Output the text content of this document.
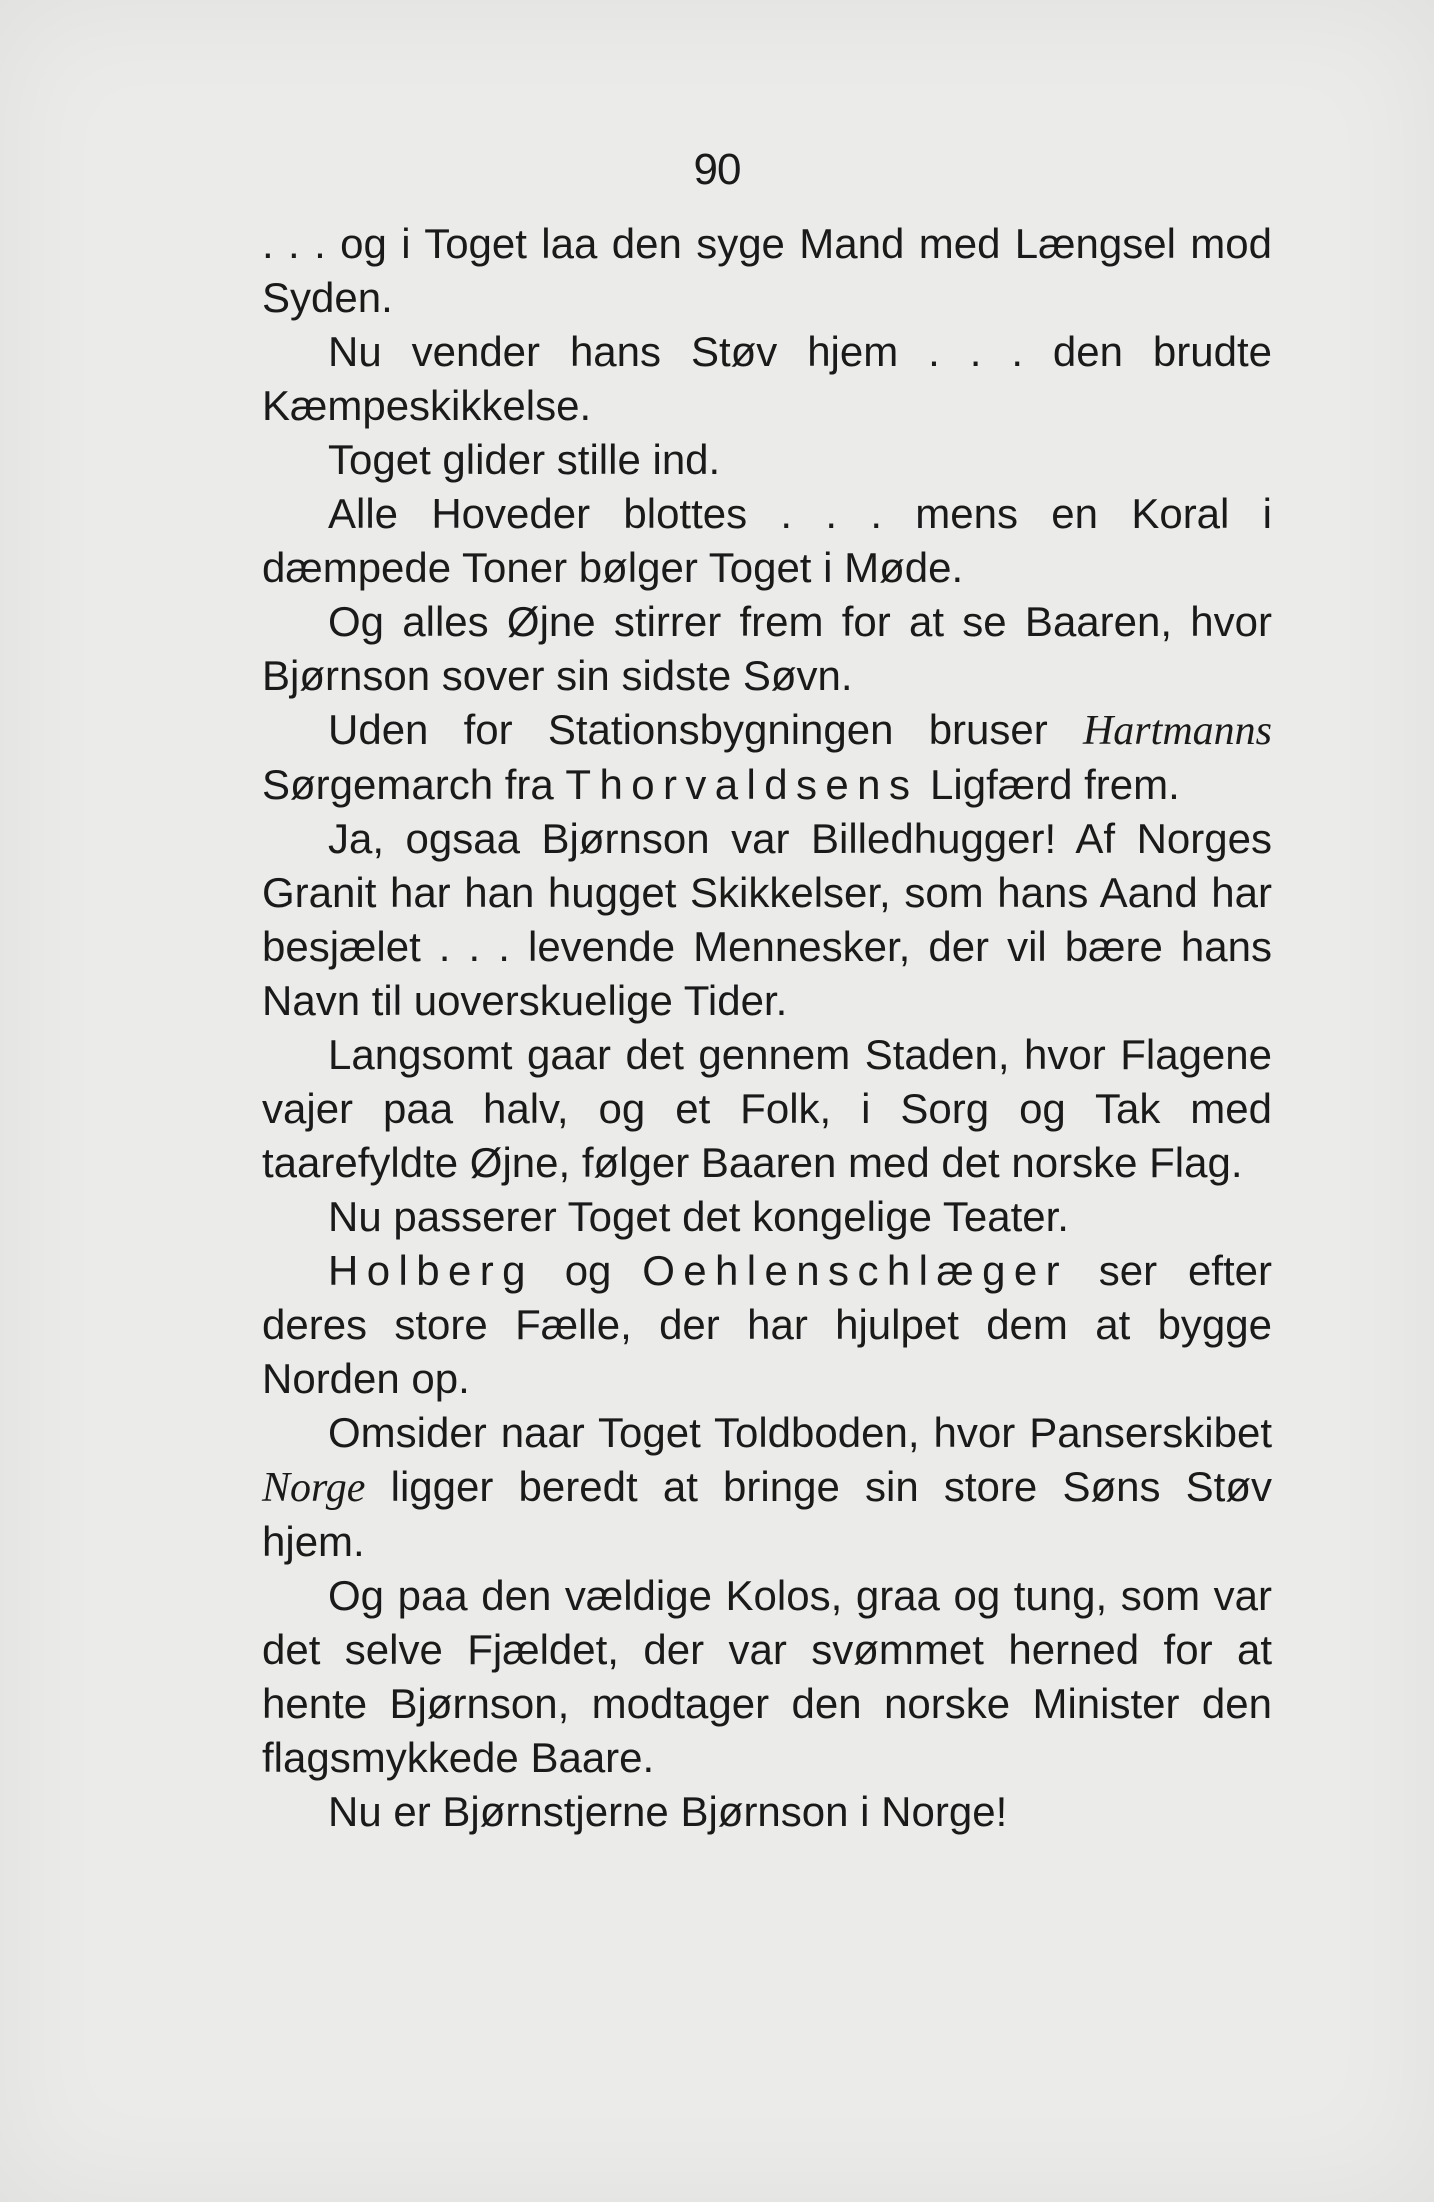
90

. . . og i Toget laa den syge Mand med Længsel mod Syden.

Nu vender hans Støv hjem . . . den brudte Kæmpeskikkelse.

Toget glider stille ind.

Alle Hoveder blottes . . . mens en Koral i dæmpede Toner bølger Toget i Møde.

Og alles Øjne stirrer frem for at se Baaren, hvor Bjørnson sover sin sidste Søvn.

Uden for Stationsbygningen bruser Hartmanns Sørgemarch fra Thorvaldsens Ligfærd frem.

Ja, ogsaa Bjørnson var Billedhugger! Af Norges Granit har han hugget Skikkelser, som hans Aand har besjælet . . . levende Mennesker, der vil bære hans Navn til uoverskuelige Tider.

Langsomt gaar det gennem Staden, hvor Flagene vajer paa halv, og et Folk, i Sorg og Tak med taarefyldte Øjne, følger Baaren med det norske Flag.

Nu passerer Toget det kongelige Teater.

Holberg og Oehlenschlæger ser efter deres store Fælle, der har hjulpet dem at bygge Norden op.

Omsider naar Toget Toldboden, hvor Panserskibet Norge ligger beredt at bringe sin store Søns Støv hjem.

Og paa den vældige Kolos, graa og tung, som var det selve Fjældet, der var svømmet herned for at hente Bjørnson, modtager den norske Minister den flagsmykkede Baare.

Nu er Bjørnstjerne Bjørnson i Norge!
